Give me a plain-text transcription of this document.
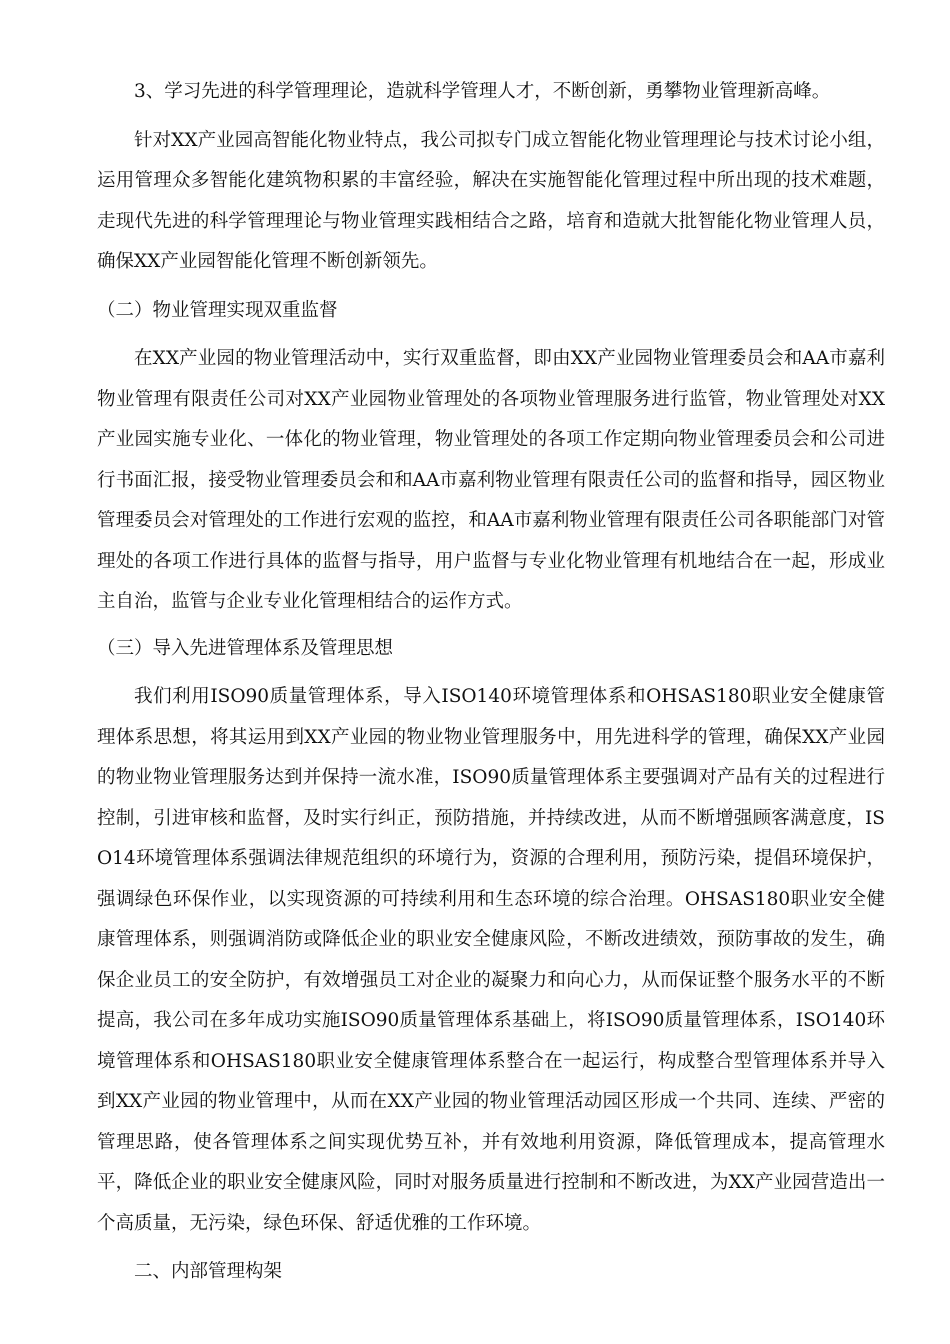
3、学习先进的科学管理理论，造就科学管理人才，不断创新，勇攀物业管理新高峰。

针对XX产业园高智能化物业特点，我公司拟专门成立智能化物业管理理论与技术讨论小组，运用管理众多智能化建筑物积累的丰富经验，解决在实施智能化管理过程中所出现的技术难题，走现代先进的科学管理理论与物业管理实践相结合之路，培育和造就大批智能化物业管理人员，确保XX产业园智能化管理不断创新领先。

（二）物业管理实现双重监督

在XX产业园的物业管理活动中，实行双重监督，即由XX产业园物业管理委员会和AA市嘉利物业管理有限责任公司对XX产业园物业管理处的各项物业管理服务进行监管，物业管理处对XX产业园实施专业化、一体化的物业管理，物业管理处的各项工作定期向物业管理委员会和公司进行书面汇报，接受物业管理委员会和和AA市嘉利物业管理有限责任公司的监督和指导，园区物业管理委员会对管理处的工作进行宏观的监控，和AA市嘉利物业管理有限责任公司各职能部门对管理处的各项工作进行具体的监督与指导，用户监督与专业化物业管理有机地结合在一起，形成业主自治，监管与企业专业化管理相结合的运作方式。

（三）导入先进管理体系及管理思想

我们利用ISO90质量管理体系，导入ISO140环境管理体系和OHSAS180职业安全健康管理体系思想，将其运用到XX产业园的物业物业管理服务中，用先进科学的管理，确保XX产业园的物业物业管理服务达到并保持一流水准，ISO90质量管理体系主要强调对产品有关的过程进行控制，引进审核和监督，及时实行纠正，预防措施，并持续改进，从而不断增强顾客满意度，ISO14环境管理体系强调法律规范组织的环境行为，资源的合理利用，预防污染，提倡环境保护，强调绿色环保作业，以实现资源的可持续利用和生态环境的综合治理。OHSAS180职业安全健康管理体系，则强调消防或降低企业的职业安全健康风险，不断改进绩效，预防事故的发生，确保企业员工的安全防护，有效增强员工对企业的凝聚力和向心力，从而保证整个服务水平的不断提高，我公司在多年成功实施ISO90质量管理体系基础上，将ISO90质量管理体系，ISO140环境管理体系和OHSAS180职业安全健康管理体系整合在一起运行，构成整合型管理体系并导入到XX产业园的物业管理中，从而在XX产业园的物业管理活动园区形成一个共同、连续、严密的管理思路，使各管理体系之间实现优势互补，并有效地利用资源，降低管理成本，提高管理水平，降低企业的职业安全健康风险，同时对服务质量进行控制和不断改进，为XX产业园营造出一个高质量，无污染，绿色环保、舒适优雅的工作环境。

二、内部管理构架
